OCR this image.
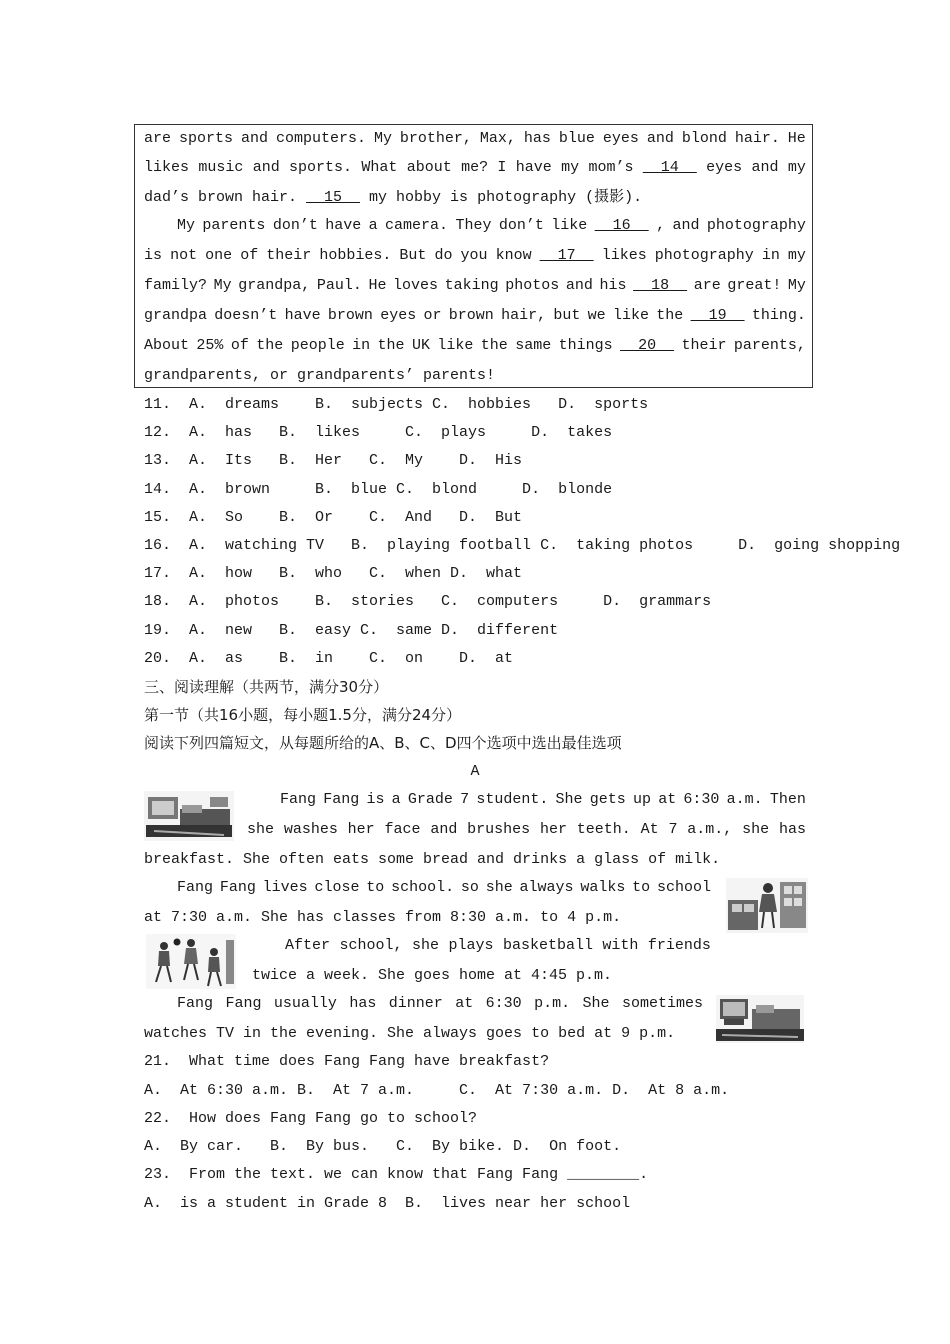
are sports and computers. My brother, Max, has blue eyes and blond hair. He
likes music and sports. What about me? I have my mom’s 14 eyes and my
dad’s brown hair. 15 my hobby is photography (摄影).
My parents don’t have a camera. They don’t like 16 , and photography
is not one of their hobbies. But do you know 17 likes photography in my
family? My grandpa, Paul. He loves taking photos and his 18 are great! My
grandpa doesn’t have brown eyes or brown hair, but we like the 19 thing.
About 25% of the people in the UK like the same things 20 their parents,
grandparents, or grandparents’ parents!
11.  A.  dreams    B.  subjects C.  hobbies   D.  sports
12.  A.  has   B.  likes     C.  plays     D.  takes
13.  A.  Its   B.  Her   C.  My    D.  His
14.  A.  brown     B.  blue C.  blond     D.  blonde
15.  A.  So    B.  Or    C.  And   D.  But
16.  A.  watching TV   B.  playing football C.  taking photos     D.  going shopping
17.  A.  how   B.  who   C.  when D.  what
18.  A.  photos    B.  stories   C.  computers     D.  grammars
19.  A.  new   B.  easy C.  same D.  different
20.  A.  as    B.  in    C.  on    D.  at
三、阅读理解（共两节，满分30分）
第一节（共16小题，每小题1.5分，满分24分）
阅读下列四篇短文，从每题所给的A、B、C、D四个选项中选出最佳选项
A
Fang Fang is a Grade 7 student. She gets up at 6:30 a.m. Then
she washes her face and brushes her teeth. At 7 a.m., she has
breakfast. She often eats some bread and drinks a glass of milk.
Fang Fang lives close to school. so she always walks to school
at 7:30 a.m. She has classes from 8:30 a.m. to 4 p.m.
After school, she plays basketball with friends
twice a week. She goes home at 4:45 p.m.
Fang Fang usually has dinner at 6:30 p.m. She sometimes
watches TV in the evening. She always goes to bed at 9 p.m.
21.  What time does Fang Fang have breakfast?
A.  At 6:30 a.m. B.  At 7 a.m.     C.  At 7:30 a.m. D.  At 8 a.m.
22.  How does Fang Fang go to school?
A.  By car.   B.  By bus.   C.  By bike. D.  On foot.
23.  From the text. we can know that Fang Fang ________.
A.  is a student in Grade 8  B.  lives near her school
